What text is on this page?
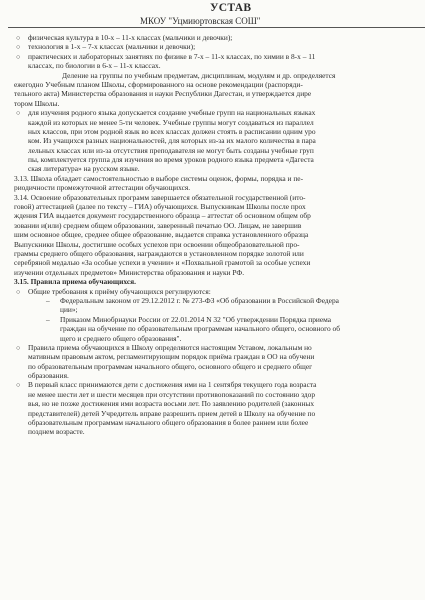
УСТАВ
МКОУ "Уцмиюртовская СОШ"
○ физическая культура в 10-х – 11-х классах (мальчики и девочки);
○ технология в 1-х – 7-х классах (мальчики и девочки);
○ практических и лабораторных занятиях по физике в 7-х – 11-х классах, по химии в 8-х – 11
классах, по биологии в 6-х – 11-х классах.
Деление на группы по учебным предметам, дисциплинам, модулям и др. определяется
ежегодно Учебным планом Школы, сформированного на основе рекомендации (распоряди-
тельного акта) Министерства образования и науки Республики Дагестан, и утверждается дире
тором Школы.
○ для изучения родного языка допускается создание учебные групп на национальных языках
каждой из которых не менее 5-ти человек. Учебные группы могут создаваться из параллел
ных классов, при этом родной язык во всех классах должен стоять в расписании одним уро
ком. Из учащихся разных национальностей, для которых из-за их малого количества в пара
лельных классах или из-за отсутствия преподавателя не могут быть созданы учебные груп
пы, комплектуется группа для изучения во время уроков родного языка предмета «Дагеста
ская литература» на русском языке.
3.13. Школа обладает самостоятельностью в выборе системы оценок, формы, порядка и пе-
риодичности промежуточной аттестации обучающихся.
3.14. Освоение образовательных программ завершается обязательной государственной (ито-
говой) аттестацией (далее по тексту – ГИА) обучающихся. Выпускникам Школы после прох
ждения ГИА выдается документ государственного образца – аттестат об основном общем обр
зовании и(или) среднем общем образовании, заверенный печатью ОО. Лицам, не завершив
шим основное общее, среднее общее образование, выдается справка установленного образца
Выпускники Школы, достигшие особых успехов при освоении общеобразовательной про-
граммы среднего общего образования, награждаются в установленном порядке золотой или
серебряной медалью «За особые успехи в учении» и «Похвальной грамотой за особые успехи
изучении отдельных предметов» Министерства образования и науки РФ.
3.15. Правила приема обучающихся.
○ Общие требования к приёму обучающихся регулируются:
– Федеральным законом от 29.12.2012 г. № 273-ФЗ «Об образовании в Российской Федера
ции»;
– Приказом Минобрнауки России от 22.01.2014 N 32 "Об утверждении Порядка приема
граждан на обучение по образовательным программам начального общего, основного об
щего и среднего общего образования".
○ Правила приема обучающихся в Школу определяются настоящим Уставом, локальным но
мативным правовым актом, регламентирующим порядок приёма граждан в ОО на обучени
по образовательным программам начального общего, основного общего и среднего общег
образования.
○ В первый класс принимаются дети с достижения ими на 1 сентября текущего года возраста
не менее шести лет и шести месяцев при отсутствии противопоказаний по состоянию здор
вья, но не позже достижения ими возраста восьми лет. По заявлению родителей (законных
представителей) детей Учредитель вправе разрешить прием детей в Школу на обучение по
образовательным программам начального общего образования в более раннем или более
позднем возрасте.
